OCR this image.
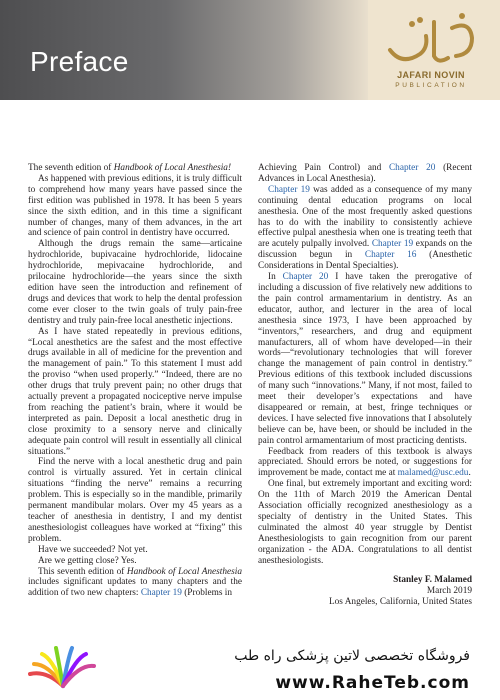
Preface	JAFARI NOVIN
PUBLICATION

The seventh edition of Handbook of Local Anesthesia!

As happened with previous editions, it is truly difficult to comprehend how many years have passed since the first edition was published in 1978. It has been 5 years since the sixth edition, and in this time a significant number of changes, many of them advances, in the art and science of pain control in dentistry have occurred.

Although the drugs remain the same—articaine hydrochloride, bupivacaine hydrochloride, lidocaine hydrochloride, mepivacaine hydrochloride, and prilocaine hydrochloride—the years since the sixth edition have seen the introduction and refinement of drugs and devices that work to help the dental profession come ever closer to the twin goals of truly pain-free dentistry and truly pain-free local anesthetic injections.

As I have stated repeatedly in previous editions, “Local anesthetics are the safest and the most effective drugs available in all of medicine for the prevention and the management of pain.” To this statement I must add the proviso “when used properly.” “Indeed, there are no other drugs that truly prevent pain; no other drugs that actually prevent a propagated nociceptive nerve impulse from reaching the patient’s brain, where it would be interpreted as pain. Deposit a local anesthetic drug in close proximity to a sensory nerve and clinically adequate pain control will result in essentially all clinical situations.”

Find the nerve with a local anesthetic drug and pain control is virtually assured. Yet in certain clinical situations “finding the nerve” remains a recurring problem. This is especially so in the mandible, primarily permanent mandibular molars. Over my 45 years as a teacher of anesthesia in dentistry, I and my dentist anesthesiologist colleagues have worked at “fixing” this problem.

Have we succeeded? Not yet.

Are we getting close? Yes.

This seventh edition of Handbook of Local Anesthesia includes significant updates to many chapters and the addition of two new chapters: Chapter 19 (Problems in

Achieving Pain Control) and Chapter 20 (Recent Advances in Local Anesthesia).

Chapter 19 was added as a consequence of my many continuing dental education programs on local anesthesia. One of the most frequently asked questions has to do with the inability to consistently achieve effective pulpal anesthesia when one is treating teeth that are acutely pulpally involved. Chapter 19 expands on the discussion begun in Chapter 16 (Anesthetic Considerations in Dental Specialties).

In Chapter 20 I have taken the prerogative of including a discussion of five relatively new additions to the pain control armamentarium in dentistry. As an educator, author, and lecturer in the area of local anesthesia since 1973, I have been approached by “inventors,” researchers, and drug and equipment manufacturers, all of whom have developed—in their words—“revolutionary technologies that will forever change the management of pain control in dentistry.” Previous editions of this textbook included discussions of many such “innovations.” Many, if not most, failed to meet their developer’s expectations and have disappeared or remain, at best, fringe techniques or devices. I have selected five innovations that I absolutely believe can be, have been, or should be included in the pain control armamentarium of most practicing dentists.

Feedback from readers of this textbook is always appreciated. Should errors be noted, or suggestions for improvement be made, contact me at malamed@usc.edu.

One final, but extremely important and exciting word: On the 11th of March 2019 the American Dental Association officially recognized anesthesiology as a specialty of dentistry in the United States. This culminated the almost 40 year struggle by Dentist Anesthesiologists to gain recognition from our parent organization - the ADA. Congratulations to all dentist anesthesiologists.

Stanley F. Malamed
March 2019
Los Angeles, California, United States
فروشگاه تخصصی لاتین پزشکی راه طب
www.RaheTeb.com
